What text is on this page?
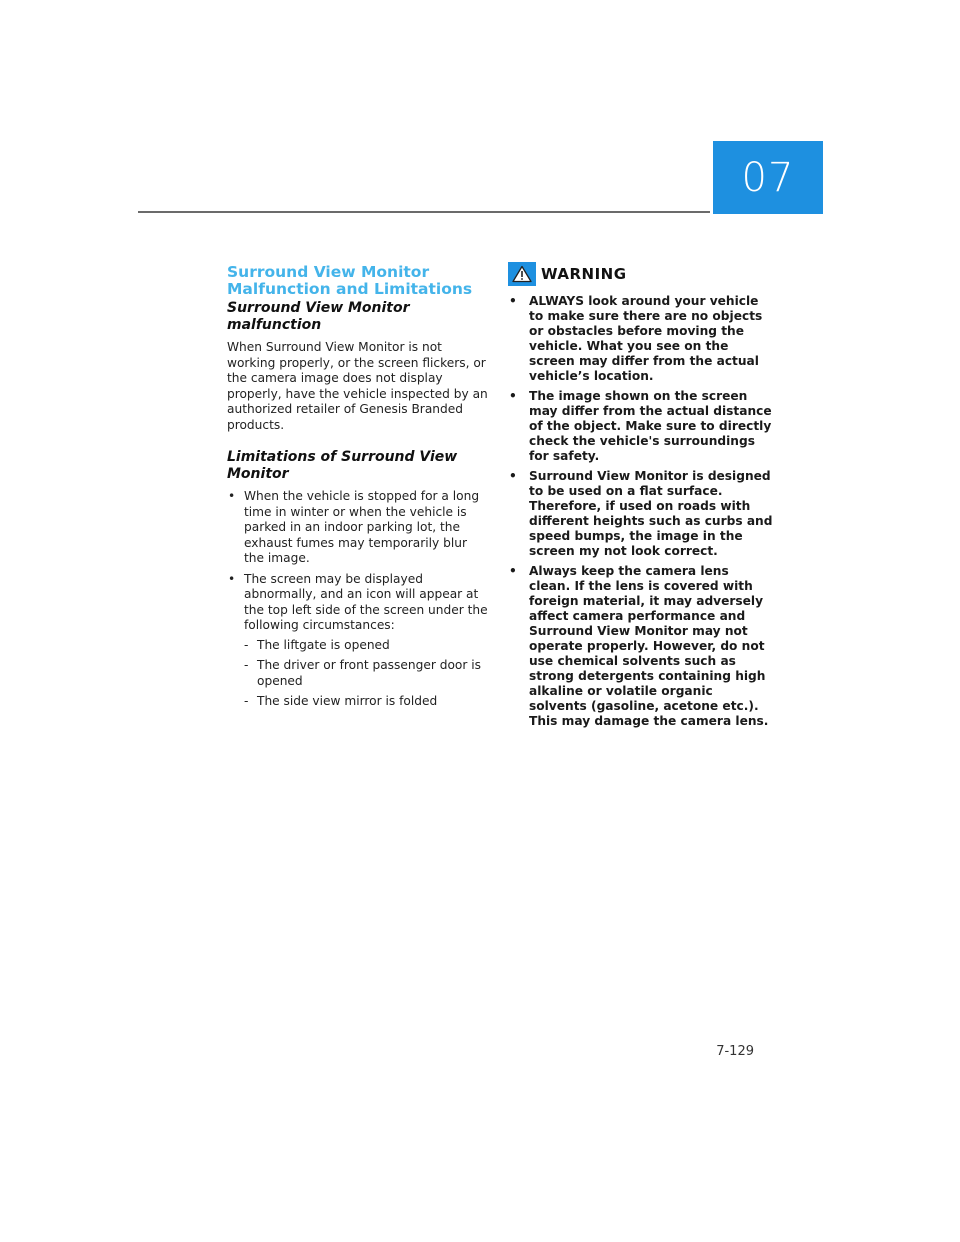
07
Surround View Monitor
Malfunction and Limitations
Surround View Monitor malfunction

When Surround View Monitor is not working properly, or the screen flickers, or the camera image does not display properly, have the vehicle inspected by an authorized retailer of Genesis Branded products.

Limitations of Surround View Monitor
• When the vehicle is stopped for a long time in winter or when the vehicle is parked in an indoor parking lot, the exhaust fumes may temporarily blur the image.
• The screen may be displayed abnormally, and an icon will appear at the top left side of the screen under the following circumstances:
- The liftgate is opened
- The driver or front passenger door is opened
- The side view mirror is folded
WARNING
• ALWAYS look around your vehicle to make sure there are no objects or obstacles before moving the vehicle. What you see on the screen may differ from the actual vehicle’s location.
• The image shown on the screen may differ from the actual distance of the object. Make sure to directly check the vehicle's surroundings for safety.
• Surround View Monitor is designed to be used on a flat surface. Therefore, if used on roads with different heights such as curbs and speed bumps, the image in the screen my not look correct.
• Always keep the camera lens clean. If the lens is covered with foreign material, it may adversely affect camera performance and Surround View Monitor may not operate properly. However, do not use chemical solvents such as strong detergents containing high alkaline or volatile organic solvents (gasoline, acetone etc.). This may damage the camera lens.
7-129
